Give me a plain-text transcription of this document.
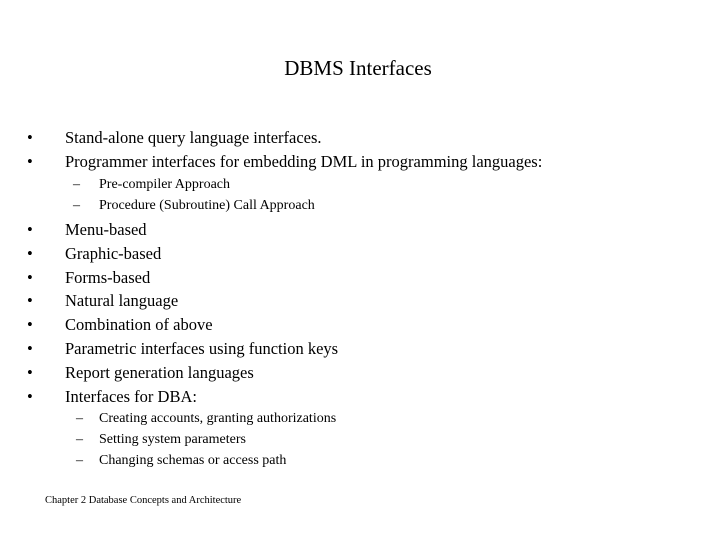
DBMS Interfaces
• Stand-alone query language interfaces.
• Programmer interfaces for embedding DML in programming languages:
– Pre-compiler Approach
– Procedure (Subroutine) Call Approach
• Menu-based
• Graphic-based
• Forms-based
• Natural language
• Combination of above
• Parametric interfaces using function keys
• Report generation languages
• Interfaces for DBA:
– Creating accounts, granting authorizations
– Setting system parameters
– Changing schemas or access path
Chapter 2 Database Concepts and Architecture
